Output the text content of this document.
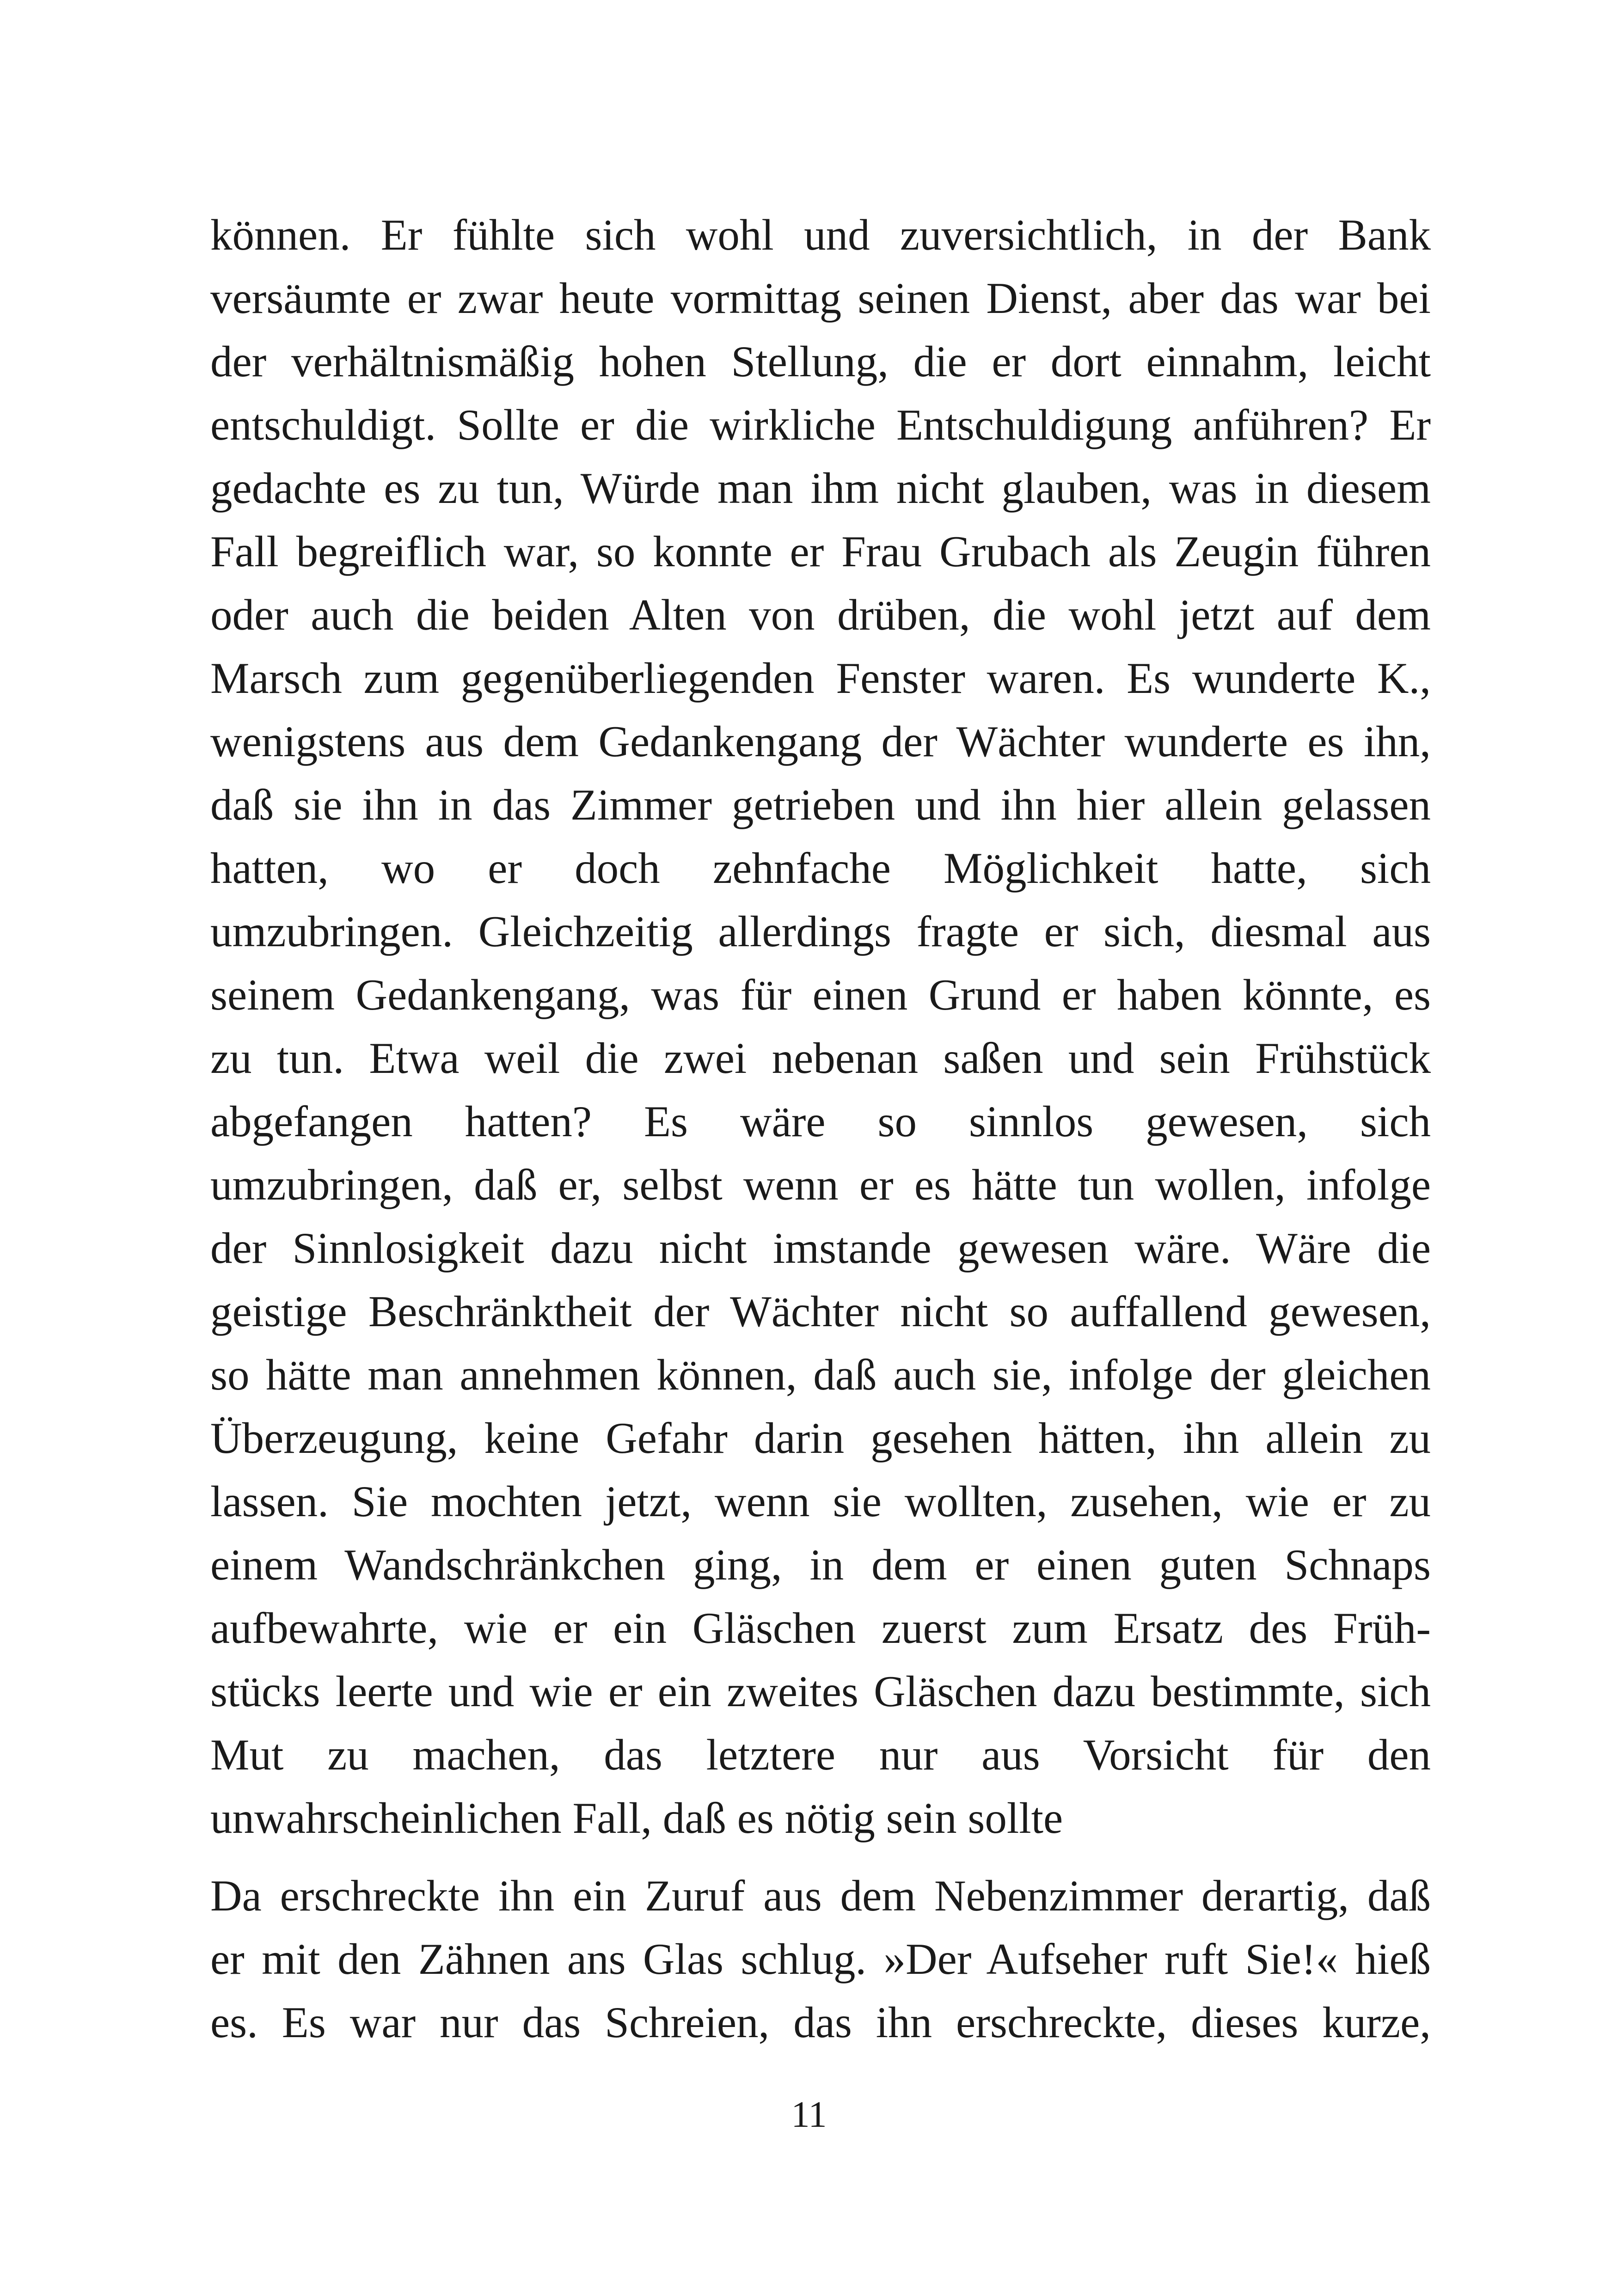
können. Er fühlte sich wohl und zuversichtlich, in der Bank
versäumte er zwar heute vormittag seinen Dienst, aber das war bei
der verhältnismäßig hohen Stellung, die er dort einnahm, leicht
entschuldigt. Sollte er die wirkliche Entschuldigung anführen? Er
gedachte es zu tun, Würde man ihm nicht glauben, was in diesem
Fall begreiflich war, so konnte er Frau Grubach als Zeugin führen
oder auch die beiden Alten von drüben, die wohl jetzt auf dem
Marsch zum gegenüberliegenden Fenster waren. Es wunderte K.,
wenigstens aus dem Gedankengang der Wächter wunderte es ihn,
daß sie ihn in das Zimmer getrieben und ihn hier allein gelassen
hatten, wo er doch zehnfache Möglichkeit hatte, sich
umzubringen. Gleichzeitig allerdings fragte er sich, diesmal aus
seinem Gedankengang, was für einen Grund er haben könnte, es
zu tun. Etwa weil die zwei nebenan saßen und sein Frühstück
abgefangen hatten? Es wäre so sinnlos gewesen, sich
umzubringen, daß er, selbst wenn er es hätte tun wollen, infolge
der Sinnlosigkeit dazu nicht imstande gewesen wäre. Wäre die
geistige Beschränktheit der Wächter nicht so auffallend gewesen,
so hätte man annehmen können, daß auch sie, infolge der gleichen
Überzeugung, keine Gefahr darin gesehen hätten, ihn allein zu
lassen. Sie mochten jetzt, wenn sie wollten, zusehen, wie er zu
einem Wandschränkchen ging, in dem er einen guten Schnaps
aufbewahrte, wie er ein Gläschen zuerst zum Ersatz des Früh-
stücks leerte und wie er ein zweites Gläschen dazu bestimmte, sich
Mut zu machen, das letztere nur aus Vorsicht für den
unwahrscheinlichen Fall, daß es nötig sein sollte
Da erschreckte ihn ein Zuruf aus dem Nebenzimmer derartig, daß
er mit den Zähnen ans Glas schlug. »Der Aufseher ruft Sie!« hieß
es. Es war nur das Schreien, das ihn erschreckte, dieses kurze,
11
